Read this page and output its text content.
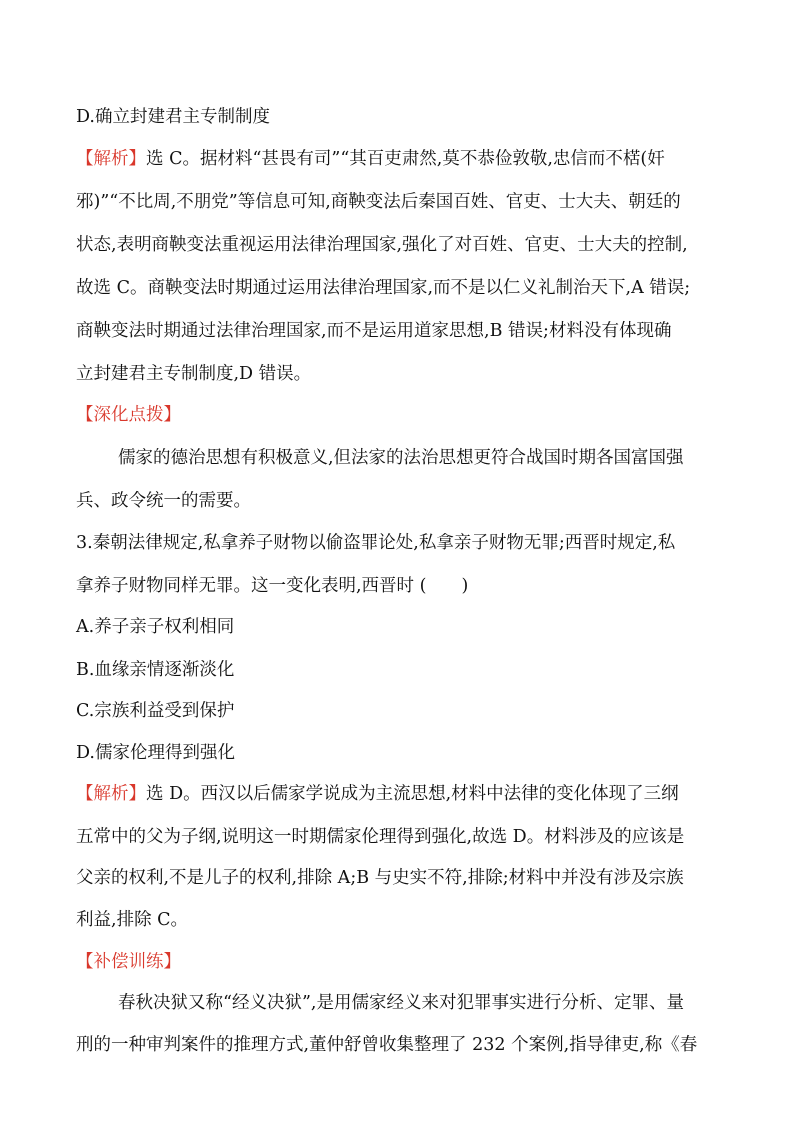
D.确立封建君主专制制度
【解析】选 C。据材料“甚畏有司”“其百吏肃然,莫不恭俭敦敬,忠信而不楛(奸
邪)”“不比周,不朋党”等信息可知,商鞅变法后秦国百姓、官吏、士大夫、朝廷的
状态,表明商鞅变法重视运用法律治理国家,强化了对百姓、官吏、士大夫的控制,
故选 C。商鞅变法时期通过运用法律治理国家,而不是以仁义礼制治天下,A 错误;
商鞅变法时期通过法律治理国家,而不是运用道家思想,B 错误;材料没有体现确
立封建君主专制制度,D 错误。
【深化点拨】
儒家的德治思想有积极意义,但法家的法治思想更符合战国时期各国富国强
兵、政令统一的需要。
3.秦朝法律规定,私拿养子财物以偷盗罪论处,私拿亲子财物无罪;西晋时规定,私
拿养子财物同样无罪。这一变化表明,西晋时 (　　)
A.养子亲子权利相同
B.血缘亲情逐渐淡化
C.宗族利益受到保护
D.儒家伦理得到强化
【解析】选 D。西汉以后儒家学说成为主流思想,材料中法律的变化体现了三纲
五常中的父为子纲,说明这一时期儒家伦理得到强化,故选 D。材料涉及的应该是
父亲的权利,不是儿子的权利,排除 A;B 与史实不符,排除;材料中并没有涉及宗族
利益,排除 C。
【补偿训练】
春秋决狱又称“经义决狱”,是用儒家经义来对犯罪事实进行分析、定罪、量
刑的一种审判案件的推理方式,董仲舒曾收集整理了 232 个案例,指导律吏,称《春
